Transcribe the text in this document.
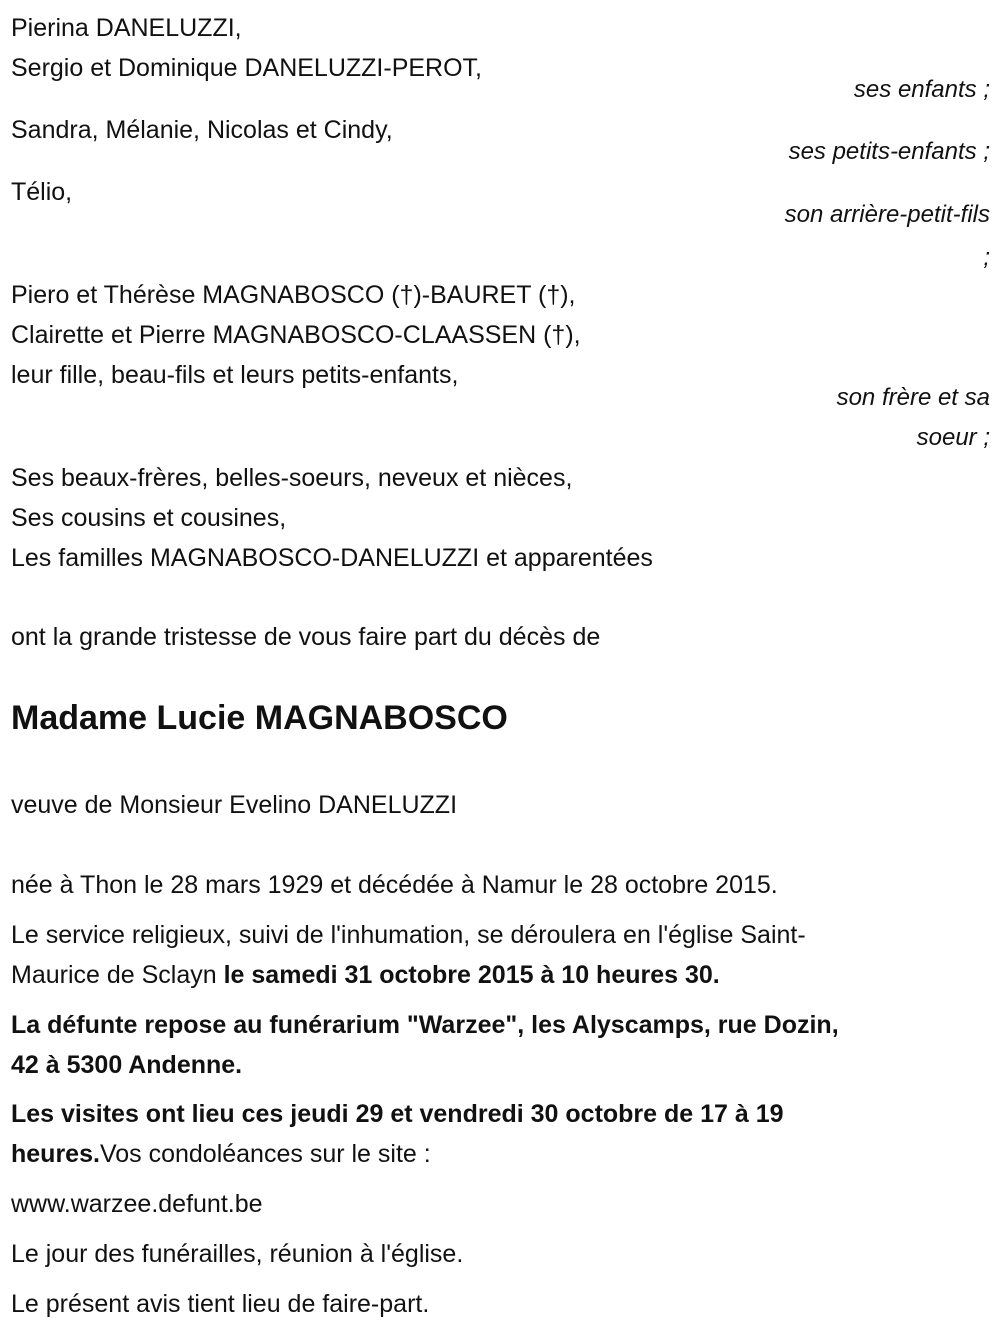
Pierina DANELUZZI,
Sergio et Dominique DANELUZZI-PEROT,
ses enfants ;
Sandra, Mélanie, Nicolas et Cindy,
ses petits-enfants ;
Télio,
son arrière-petit-fils
;
Piero et Thérèse MAGNABOSCO (†)-BAURET (†),
Clairette et Pierre MAGNABOSCO-CLAASSEN (†),
leur fille, beau-fils et leurs petits-enfants,
son frère et sa
soeur ;
Ses beaux-frères, belles-soeurs, neveux et nièces,
Ses cousins et cousines,
Les familles MAGNABOSCO-DANELUZZI et apparentées
ont la grande tristesse de vous faire part du décès de
Madame Lucie MAGNABOSCO
veuve de Monsieur Evelino DANELUZZI
née à Thon le 28 mars 1929 et décédée à Namur le 28 octobre 2015.
Le service religieux, suivi de l'inhumation, se déroulera en l'église Saint-
Maurice de Sclayn le samedi 31 octobre 2015 à 10 heures 30.
La défunte repose au funérarium "Warzee", les Alyscamps, rue Dozin,
42 à 5300 Andenne.
Les visites ont lieu ces jeudi 29 et vendredi 30 octobre de 17 à 19
heures.Vos condoléances sur le site :
www.warzee.defunt.be
Le jour des funérailles, réunion à l'église.
Le présent avis tient lieu de faire-part.
